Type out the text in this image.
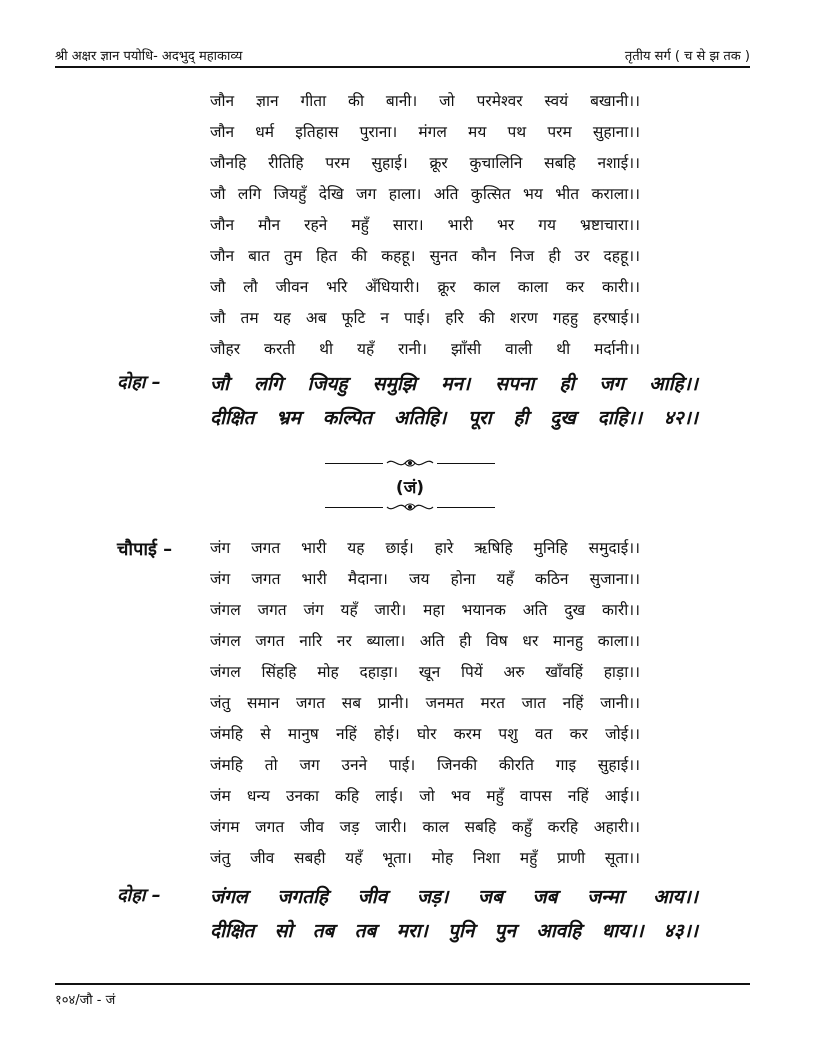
श्री अक्षर ज्ञान पयोधि- अदभुद् महाकाव्य	तृतीय सर्ग ( च से झ तक )
जौन ज्ञान गीता की बानी। जो परमेश्वर स्वयं बखानी।।
जौन धर्म इतिहास पुराना। मंगल मय पथ परम सुहाना।।
जौनहि रीतिहि परम सुहाई। क्रूर कुचालिनि सबहि नशाई।।
जौ लगि जियहुँ देखि जग हाला। अति कुत्सित भय भीत कराला।।
जौन मौन रहने महुँ सारा। भारी भर गय भ्रष्टाचारा।।
जौन बात तुम हित की कहहू। सुनत कौन निज ही उर दहहू।।
जौ लौ जीवन भरि अँधियारी। क्रूर काल काला कर कारी।।
जौ तम यह अब फूटि न पाई। हरि की शरण गहहु हरषाई।।
जौहर करती थी यहँ रानी। झाँसी वाली थी मर्दानी।।
दोहा –	जौ लगि जियहु समुझि मन। सपना ही जग आहि।।
दीक्षित भ्रम कल्पित अतिहि। पूरा ही दुख दाहि।। ४२।।
(जं)
चौपाई – जंग जगत भारी यह छाई। हारे ऋषिहि मुनिहि समुदाई।।
जंग जगत भारी मैदाना। जय होना यहँ कठिन सुजाना।।
जंगल जगत जंग यहँ जारी। महा भयानक अति दुख कारी।।
जंगल जगत नारि नर ब्याला। अति ही विष धर मानहु काला।।
जंगल सिंहहि मोह दहाड़ा। खून पियें अरु खाँवहिं हाड़ा।।
जंतु समान जगत सब प्रानी। जनमत मरत जात नहिं जानी।।
जंमहि से मानुष नहिं होई। घोर करम पशु वत कर जोई।।
जंमहि तो जग उनने पाई। जिनकी कीरति गाइ सुहाई।।
जंम धन्य उनका कहि लाई। जो भव महुँ वापस नहिं आई।।
जंगम जगत जीव जड़ जारी। काल सबहि कहुँ करहि अहारी।।
जंतु जीव सबही यहँ भूता। मोह निशा महुँ प्राणी सूता।।
दोहा –	जंगल जगतहि जीव जड़। जब जब जन्मा आय।।
दीक्षित सो तब तब मरा। पुनि पुन आवहि धाय।। ४३।।
१०४/जौ - जं
